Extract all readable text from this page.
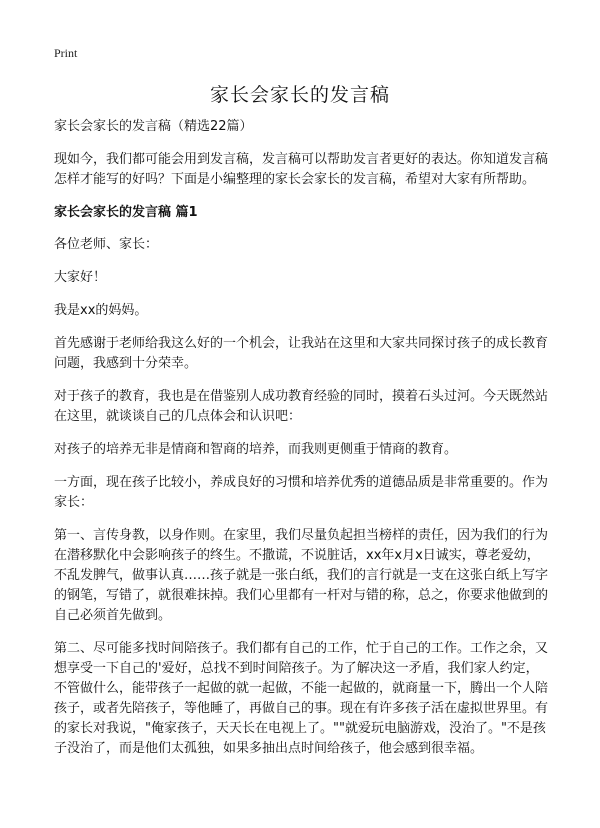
Print
家长会家长的发言稿

家长会家长的发言稿（精选22篇）

现如今，我们都可能会用到发言稿，发言稿可以帮助发言者更好的表达。你知道发言稿怎样才能写的好吗？下面是小编整理的家长会家长的发言稿，希望对大家有所帮助。

家长会家长的发言稿 篇1

各位老师、家长：

大家好！

我是xx的妈妈。

首先感谢于老师给我这么好的一个机会，让我站在这里和大家共同探讨孩子的成长教育问题，我感到十分荣幸。

对于孩子的教育，我也是在借鉴别人成功教育经验的同时，摸着石头过河。今天既然站在这里，就谈谈自己的几点体会和认识吧：

对孩子的培养无非是情商和智商的培养，而我则更侧重于情商的教育。

一方面，现在孩子比较小，养成良好的习惯和培养优秀的道德品质是非常重要的。作为家长：

第一、言传身教，以身作则。在家里，我们尽量负起担当榜样的责任，因为我们的行为在潜移默化中会影响孩子的终生。不撒谎，不说脏话，xx年x月x日诚实，尊老爱幼，不乱发脾气，做事认真……孩子就是一张白纸，我们的言行就是一支在这张白纸上写字的钢笔，写错了，就很难抹掉。我们心里都有一杆对与错的称，总之，你要求他做到的自己必须首先做到。

第二、尽可能多找时间陪孩子。我们都有自己的工作，忙于自己的工作。工作之余，又想享受一下自己的'爱好，总找不到时间陪孩子。为了解决这一矛盾，我们家人约定，不管做什么，能带孩子一起做的就一起做，不能一起做的，就商量一下，腾出一个人陪孩子，或者先陪孩子，等他睡了，再做自己的事。现在有许多孩子活在虚拟世界里。有的家长对我说，"俺家孩子，天天长在电视上了。""就爱玩电脑游戏，没治了。"不是孩子没治了，而是他们太孤独，如果多抽出点时间给孩子，他会感到很幸福。
